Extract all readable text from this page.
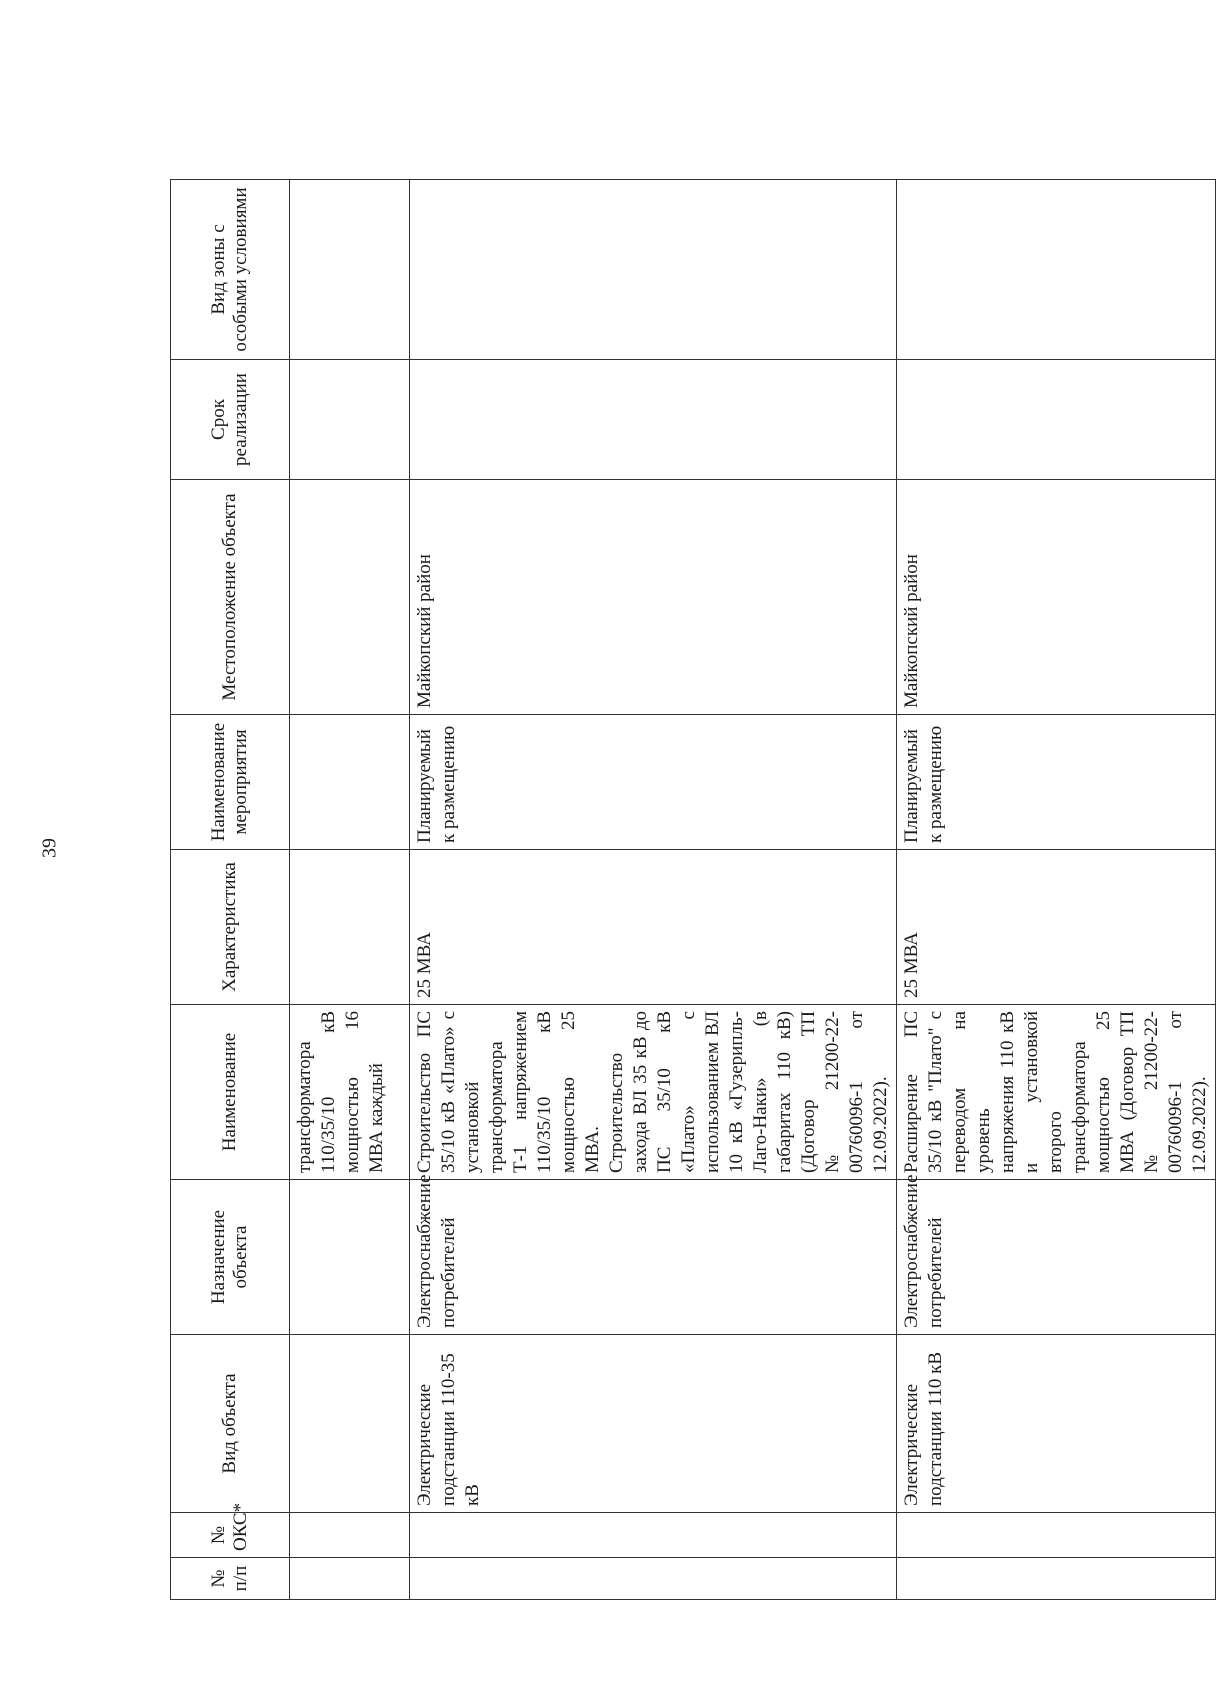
39
№ п/п	№ ОКС*	Вид объекта	Назначение объекта	Наименование	Характеристика	Наименование мероприятия	Местоположение объекта	Срок реализации	Вид зоны с особыми условиями
				трансформатора 110/35/10 кВ мощностью 16 МВА каждый					
		Электрические подстанции 110-35 кВ	Электроснабжение потребителей	Строительство ПС 35/10 кВ «Плато» с установкой трансформатора Т-1 напряжением 110/35/10 кВ мощностью 25 МВА. Строительство захода ВЛ 35 кВ до ПС 35/10 кВ «Плато» с использованием ВЛ 10 кВ «Гузерипль-Лаго-Наки» (в габаритах 110 кВ) (Договор ТП №21200-22-00760096-1 от 12.09.2022).	25 МВА	Планируемый к размещению	Майкопский район		
		Электрические подстанции 110 кВ	Электроснабжение потребителей	Расширение ПС 35/10 кВ "Плато" с переводом на уровень напряжения 110 кВ и установкой второго трансформатора мощностью 25 МВА (Договор ТП №21200-22-00760096-1 от 12.09.2022).	25 МВА	Планируемый к размещению	Майкопский район		
